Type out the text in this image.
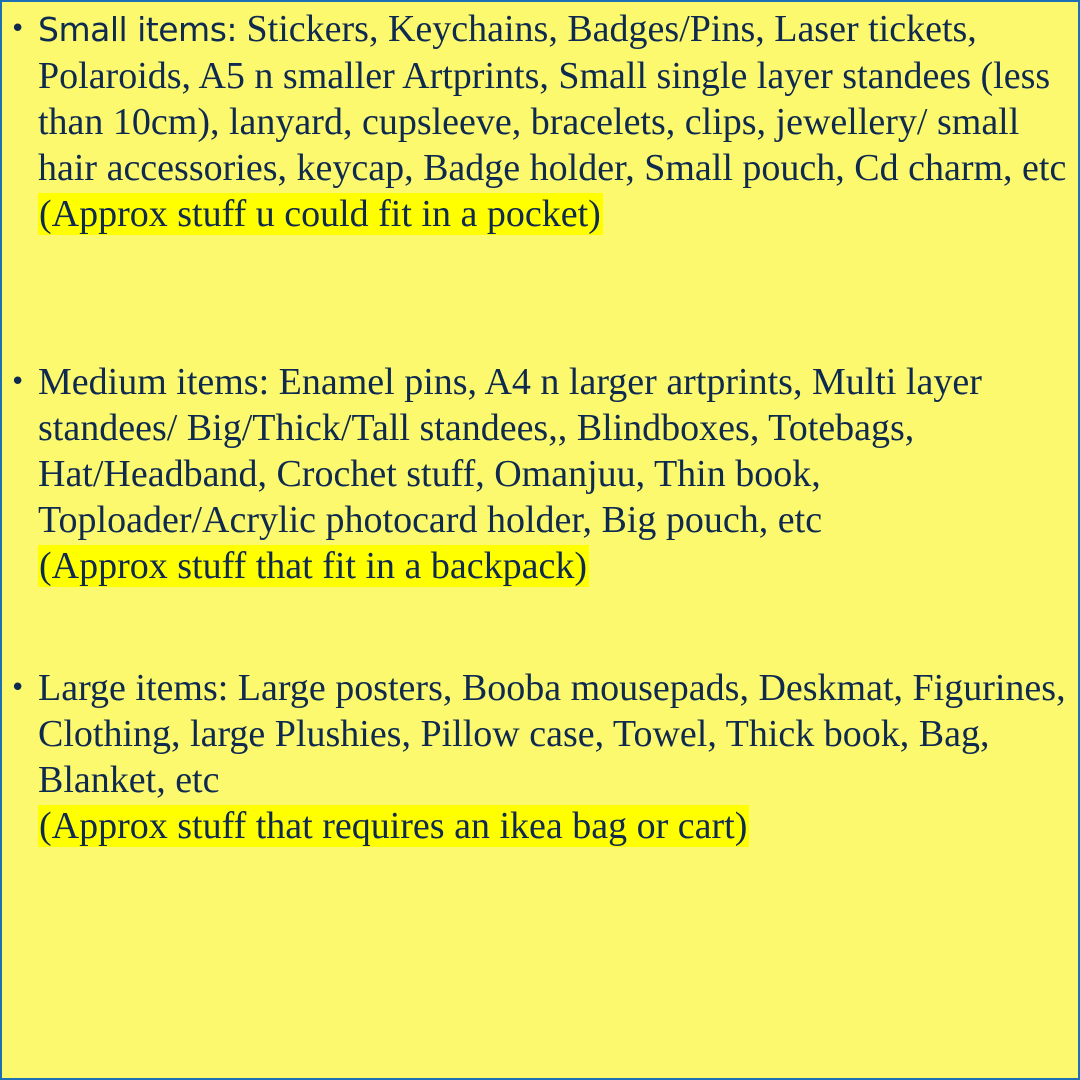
• Small items: Stickers, Keychains, Badges/Pins, Laser tickets, Polaroids, A5 n smaller Artprints, Small single layer standees (less than 10cm), lanyard, cupsleeve, bracelets, clips, jewellery/ small hair accessories, keycap, Badge holder, Small pouch, Cd charm, etc
(Approx stuff u could fit in a pocket)
• Medium items: Enamel pins, A4 n larger artprints, Multi layer standees/ Big/Thick/Tall standees,, Blindboxes, Totebags, Hat/Headband, Crochet stuff, Omanjuu, Thin book, Toploader/Acrylic photocard holder, Big pouch, etc
(Approx stuff that fit in a backpack)
• Large items: Large posters, Booba mousepads, Deskmat, Figurines, Clothing, large Plushies, Pillow case, Towel, Thick book, Bag, Blanket, etc
(Approx stuff that requires an ikea bag or cart)
